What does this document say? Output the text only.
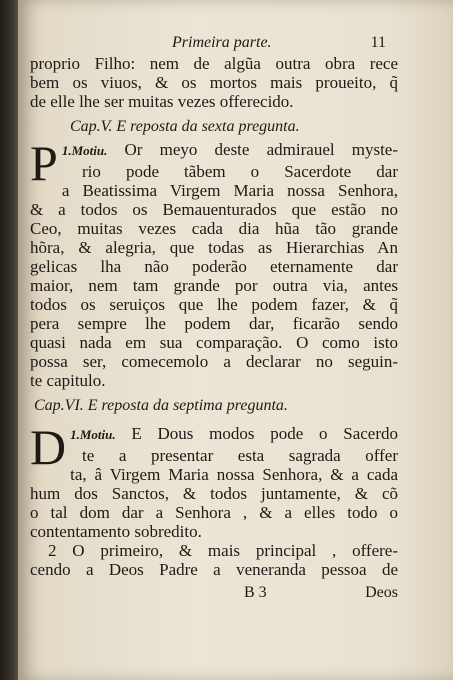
Primeira parte.	11
proprio Filho: nem de algũa outra obra rece
bem os viuos, & os mortos mais proueito, q̃
de elle lhe ser muitas vezes offerecido.
Cap.V. E reposta da sexta pregunta.
1.Motiu.
P	Or meyo deste admirauel myste-
rio pode tãbem o Sacerdote dar
a Beatissima Virgem Maria nossa Senhora,
& a todos os Bemauenturados que estão no
Ceo, muitas vezes cada dia hũa tão grande
hõra, & alegria, que todas as Hierarchias An
gelicas lha não poderão eternamente dar
maior, nem tam grande por outra via, antes
todos os seruiços que lhe podem fazer, & q̃
pera sempre lhe podem dar, ficarão sendo
quasi nada em sua comparação. O como isto
possa ser, comecemolo a declarar no seguin-
te capitulo.
Cap.VI. E reposta da septima pregunta.
1.Motiu.
D	E Dous modos pode o Sacerdo
te a presentar esta sagrada offer
ta, â Virgem Maria nossa Senhora, & a cada
hum dos Sanctos, & todos juntamente, & cõ
o tal dom dar a Senhora , & a elles todo o
contentamento sobredito.
2 O primeiro, & mais principal , offere-
cendo a Deos Padre a veneranda pessoa de
B 3	Deos
